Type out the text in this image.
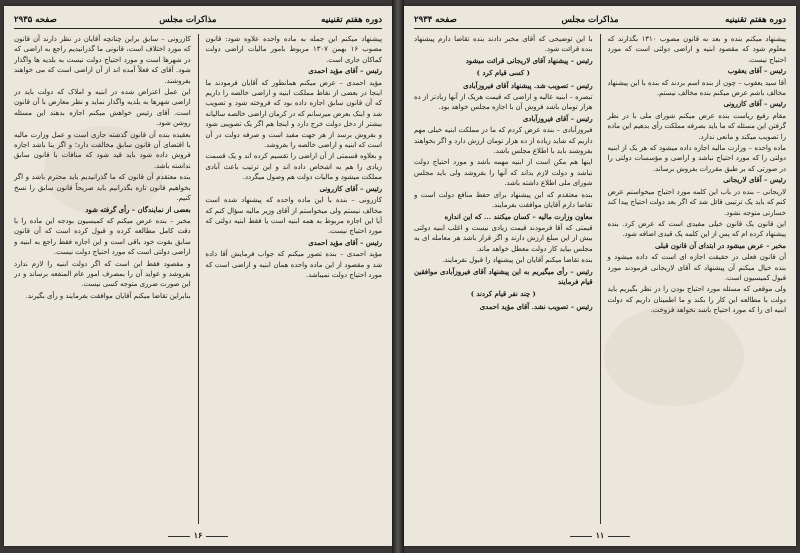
دوره هفتم تقنينيه
مذاكرات مجلس
صفحه ۲۹۳۵

پیشنهاد میکنم این جمله به ماده واحده علاوه شود: قانون مصوب ۱۶ بهمن ۱۳۰۷ مربوط بامور مالیات اراضی دولت کماکان جاری است.

رئیس – آقای مؤید احمدی

مؤید احمدی – عرض میکنم همانطور که آقایان فرمودند ما اینجا در بعضی از نقاط مملکت ابنیه و اراضی خالصه را داریم که آن قانون سابق اجازه داده بود که فروخته شود و تصویب شد و اینک بعرض میرسانم که در کرمان اراضی خالصه سالیانه بیشتر از دخل دولت خرج دارد و اینجا هم اگر یک تصویبی شود و بفروش برسد از هر جهت مفید است و صرفه دولت در آن است که ابنیه و اراضی خالصه را بفروشد.

و بعلاوه قسمتی از آن اراضی را تقسیم کرده اند و یک قسمت زیادی را هم به اشخاص داده اند و این ترتیب باعث آبادی مملکت میشود و مالیات دولت هم وصول میگردد.

رئیس – آقای کازرونی

کازرونی – بنده با این ماده واحده که پیشنهاد شده است مخالف نیستم ولی میخواستم از آقای وزیر مالیه سؤال کنم که آیا این اجازه مربوط به همه ابنیه است یا فقط ابنیه دولتی که مورد احتیاج نیست.

رئیس – آقای مؤید احمدی

مؤید احمدی – بنده تصور میکنم که جواب فرمایش آقا داده شد و مقصود از این ماده واحده همان ابنیه و اراضی است که مورد احتیاج دولت نمیباشد.

کازرونی – سابق براین چنانچه آقایان در نظر دارند آن قانون که مورد اختلاف است، قانونی ما گذرانیدیم راجع به اراضی که در شهرها است و مورد احتیاج دولت نیست به بلدیه ها واگذار شود. آقای که فعلاً آمده اند از آن اراضی است که می خواهند بفروشند.

این عمل اعتراض شده در ابنیه و املاک که دولت باید در اراضی شهرها به بلدیه واگذار نماید و نظر معارض با آن قانون است. آقای رئیس خواهش میکنم اجازه بدهند این مسئله روشن شود.

بعقیده بنده آن قانون گذشته جاری است و عمل وزارت مالیه با اقتضای آن قانون سابق مخالفت دارد؛ و اگر بنا باشد اجازه فروش داده شود باید قید شود که منافات با قانون سابق نداشته باشد.

بنده معتقدم آن قانون که ما گذرانیدیم باید محترم باشد و اگر بخواهیم قانون تازه بگذرانیم باید صریحاً قانون سابق را نسخ کنیم.

بعضی از نمایندگان – رأی گرفته شود

مخبر – بنده عرض میکنم که کمیسیون بودجه این ماده را با دقت کامل مطالعه کرده و قبول کرده است که آن قانون سابق بقوت خود باقی است و این اجازه فقط راجع به ابنیه و اراضی دولتی است که مورد احتیاج دولت نیست.

و مقصود فقط این است که اگر دولت ابنیه را لازم ندارد بفروشد و عواید آن را بمصرف امور عام المنفعه برساند و در این صورت ضرری متوجه کسی نیست.

بنابراین تقاضا میکنم آقایان موافقت بفرمایند و رأی بگیرند.

۱۶
دوره هفتم تقنينيه
مذاكرات مجلس
صفحه ۲۹۳۴

پیشنهاد میکنم بنده و بعد به قانون مصوب ۱۳۱۰ بگذارند که معلوم شود که مقصود ابنیه و اراضی دولتی است که مورد احتیاج نیست.

رئیس – آقای یعقوب

آقا سید یعقوب – چون از بنده اسم بردند که بنده با این پیشنهاد مخالف باشم عرض میکنم بنده مخالف نیستم.

رئیس – آقای کازرونی

مقام رفیع ریاست بنده عرض میکنم شورای ملی با در نظر گرفتن این مسئله که ما باید بصرفه مملکت رأی بدهیم این ماده را تصویب میکند و مانعی ندارد.

ماده واحده – وزارت مالیه اجازه داده میشود که هر یک از ابنیه دولتی را که مورد احتیاج نباشد و اراضی و مؤسسات دولتی را در صورتی که بر طبق مقررات بفروش برساند.

رئیس – آقای لاریجانی

لاریجانی – بنده در باب این کلمه مورد احتیاج میخواستم عرض کنم که باید یک ترتیبی قائل شد که اگر بعد دولت احتیاج پیدا کند خسارتی متوجه نشود.

این قانون یک قانون خیلی مفیدی است که عرض کرد. بنده پیشنهاد کرده ام که پس از این کلمه یک قیدی اضافه شود.

مخبر – عرض میشود در ابتدای آن قانون قبلی

آن قانون فعلی در حقیقت اجازه ای است که داده میشود و بنده خیال میکنم آن پیشنهاد که آقای لاریجانی فرمودند مورد قبول کمیسیون است.

ولی موقعی که مسئله مورد احتیاج بودن را در نظر بگیریم باید دولت با مطالعه این کار را بکند و ما اطمینان داریم که دولت ابنیه ای را که مورد احتیاج باشد نخواهد فروخت.

با این توضیحی که آقای مخبر دادند بنده تقاضا دارم پیشنهاد بنده قرائت شود.

رئیس – پیشنهاد آقای لاریجانی قرائت میشود

( کسی قیام کرد )

رئیس – تصویب شد. پیشنهاد آقای فیروزآبادی

تبصره – ابنیه عالیه و اراضی که قیمت هریک از آنها زیادتر از ده هزار تومان باشد فروش آن با اجازه مجلس خواهد بود.

رئیس – آقای فیروزآبادی

فیروزآبادی – بنده عرض کردم که ما در مملکت ابنیه خیلی مهم داریم که شاید زیاده از ده هزار تومان ارزش دارد و اگر بخواهند بفروشند باید با اطلاع مجلس باشد.

اینها هم مکن است از ابنیه مهمه باشد و مورد احتیاج دولت نباشد و دولت لازم بداند که آنها را بفروشد ولی باید مجلس شورای ملی اطلاع داشته باشد.

بنده معتقدم که این پیشنهاد برای حفظ منافع دولت است و تقاضا دارم آقایان موافقت بفرمایند.

معاون وزارت مالیه – کسان میکنند ... که این اندازه

قیمتی که آقا فرمودند قیمت زیادی نیست و اغلب ابنیه دولتی بیش از این مبلغ ارزش دارند و اگر قرار باشد هر معامله ای به مجلس بیاید کار دولت معطل خواهد ماند.

بنده تقاضا میکنم آقایان این پیشنهاد را قبول نفرمایند.

رئیس – رأی میگیریم به این پیشنهاد آقای فیروزآبادی موافقین قیام فرمایند

( چند نفر قیام کردند )

رئیس – تصویب نشد. آقای مؤید احمدی

۱۱
